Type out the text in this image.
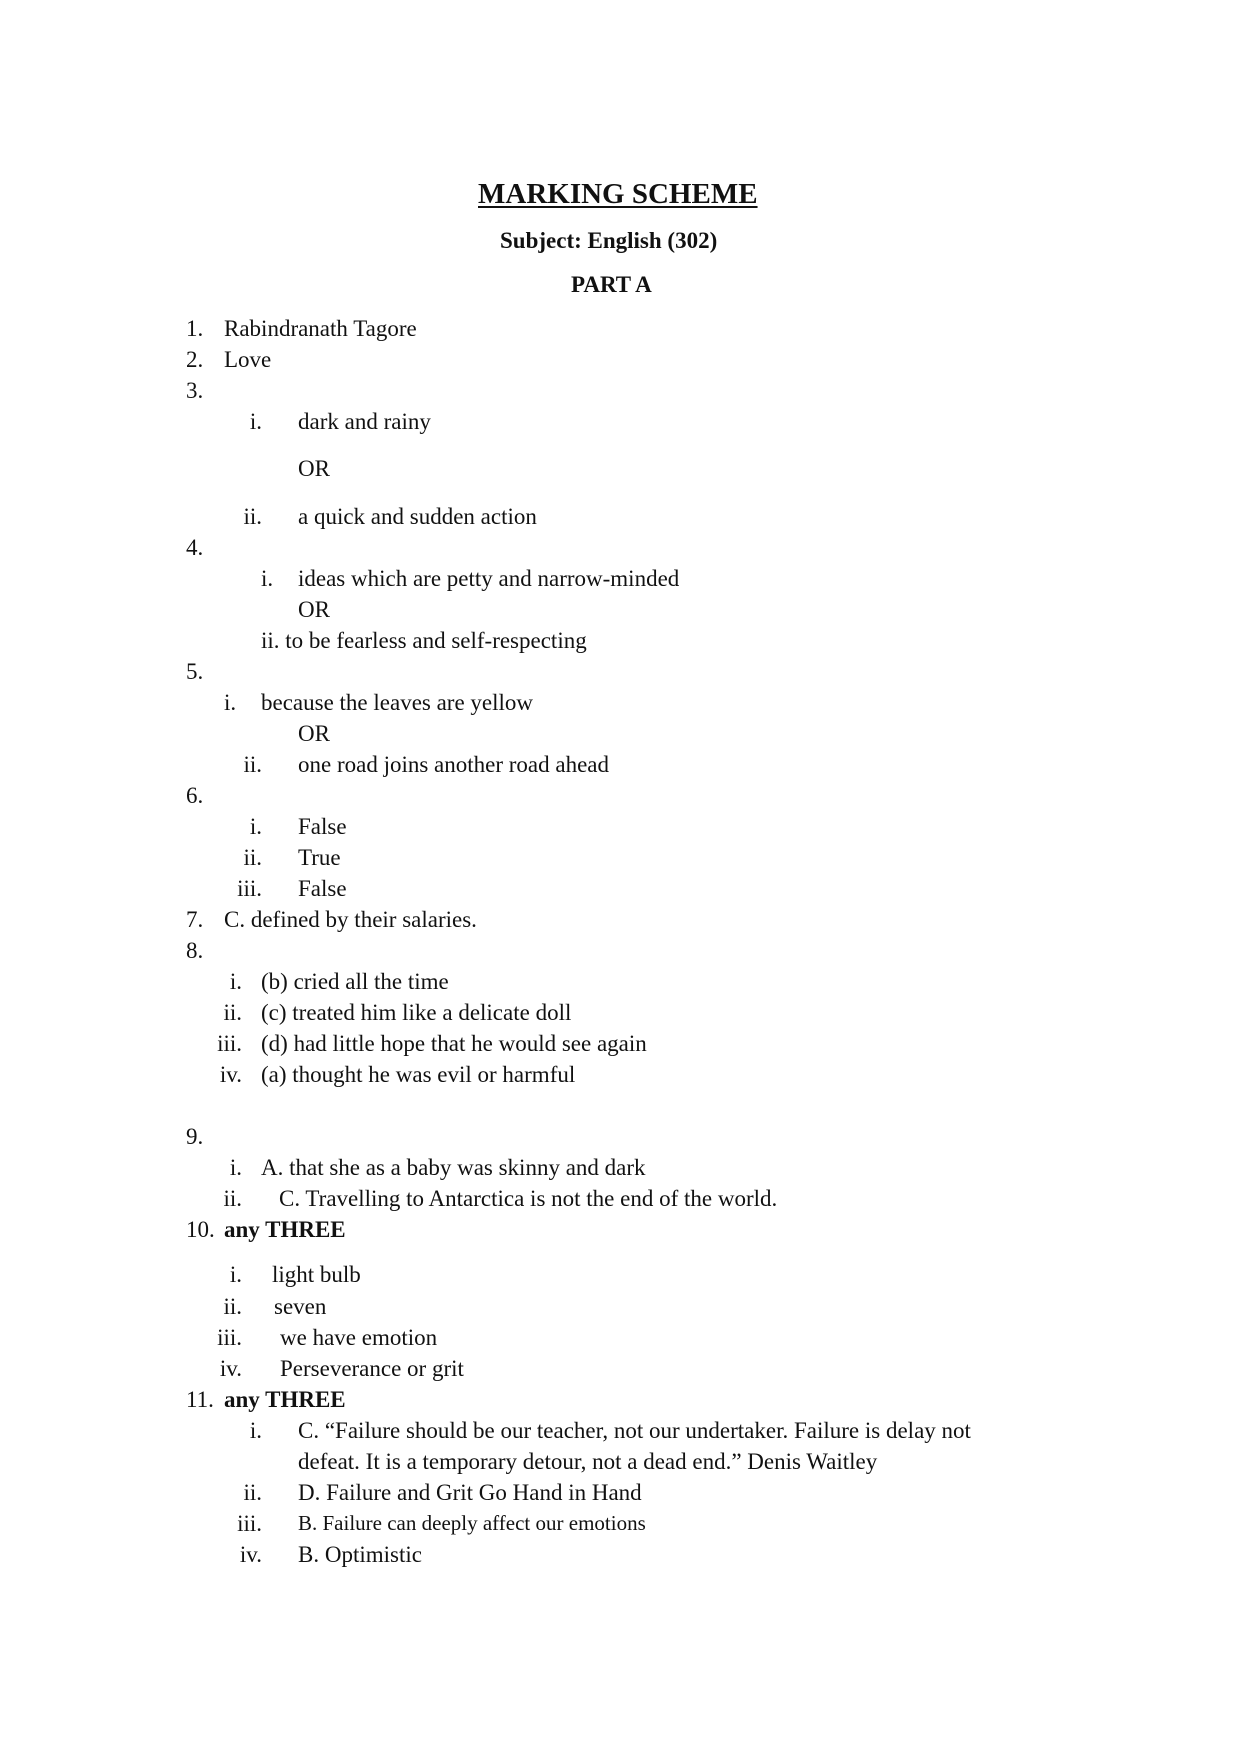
MARKING SCHEME
Subject: English (302)
PART A
1. Rabindranath Tagore
2. Love
3.
i. dark and rainy
OR
ii. a quick and sudden action
4.
i. ideas which are petty and narrow-minded
OR
ii. to be fearless and self-respecting
5.
i. because the leaves are yellow
OR
ii. one road joins another road ahead
6.
i. False
ii. True
iii. False
7. C. defined by their salaries.
8.
i. (b) cried all the time
ii. (c) treated him like a delicate doll
iii. (d) had little hope that he would see again
iv. (a) thought he was evil or harmful
9.
i. A. that she as a baby was skinny and dark
ii. C. Travelling to Antarctica is not the end of the world.
10. any THREE
i. light bulb
ii. seven
iii. we have emotion
iv. Perseverance or grit
11. any THREE
i. C. “Failure should be our teacher, not our undertaker. Failure is delay not
defeat. It is a temporary detour, not a dead end.” Denis Waitley
ii. D. Failure and Grit Go Hand in Hand
iii. B. Failure can deeply affect our emotions
iv. B. Optimistic
